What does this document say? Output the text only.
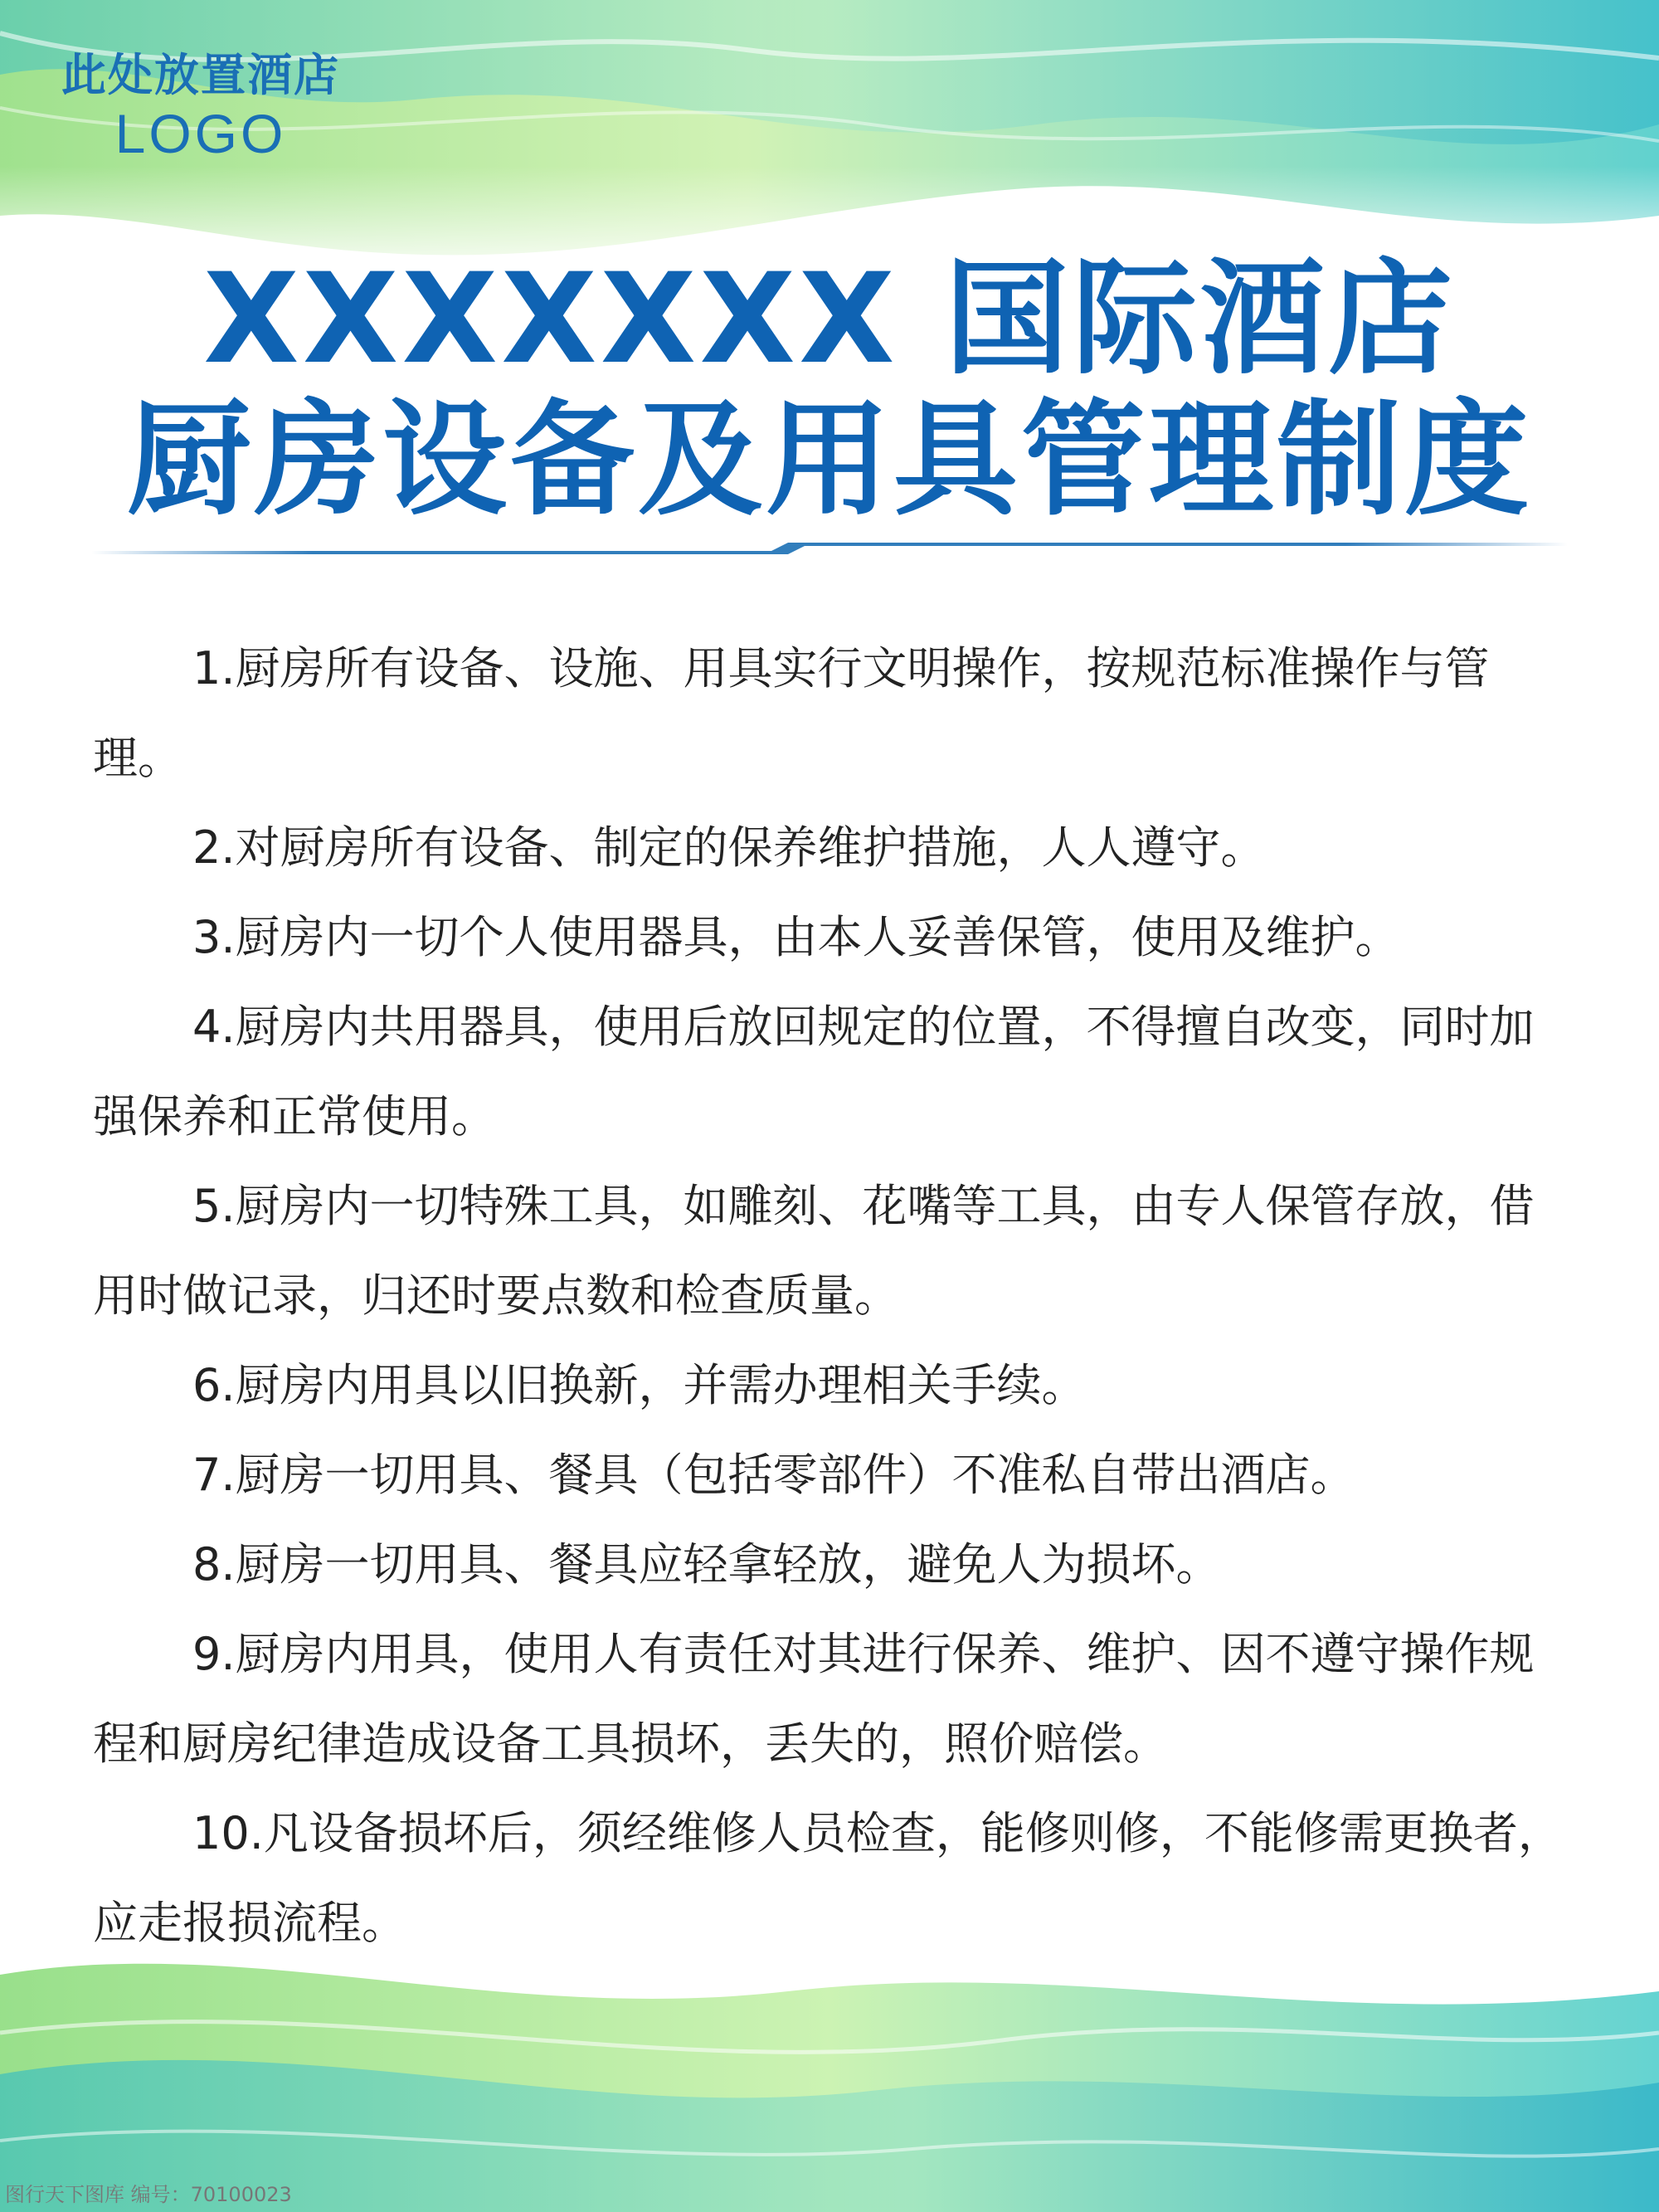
此处放置酒店
LOGO
XXXXXXX 国际酒店
厨房设备及用具管理制度

1.厨房所有设备、设施、用具实行文明操作，按规范标准操作与管理。

2.对厨房所有设备、制定的保养维护措施，人人遵守。

3.厨房内一切个人使用器具，由本人妥善保管，使用及维护。

4.厨房内共用器具，使用后放回规定的位置，不得擅自改变，同时加强保养和正常使用。

5.厨房内一切特殊工具，如雕刻、花嘴等工具，由专人保管存放，借用时做记录，归还时要点数和检查质量。

6.厨房内用具以旧换新，并需办理相关手续。

7.厨房一切用具、餐具（包括零部件）不准私自带出酒店。

8.厨房一切用具、餐具应轻拿轻放，避免人为损坏。

9.厨房内用具，使用人有责任对其进行保养、维护、因不遵守操作规程和厨房纪律造成设备工具损坏，丢失的，照价赔偿。

10.凡设备损坏后，须经维修人员检查，能修则修，不能修需更换者，应走报损流程。

图行天下图库 编号：70100023
